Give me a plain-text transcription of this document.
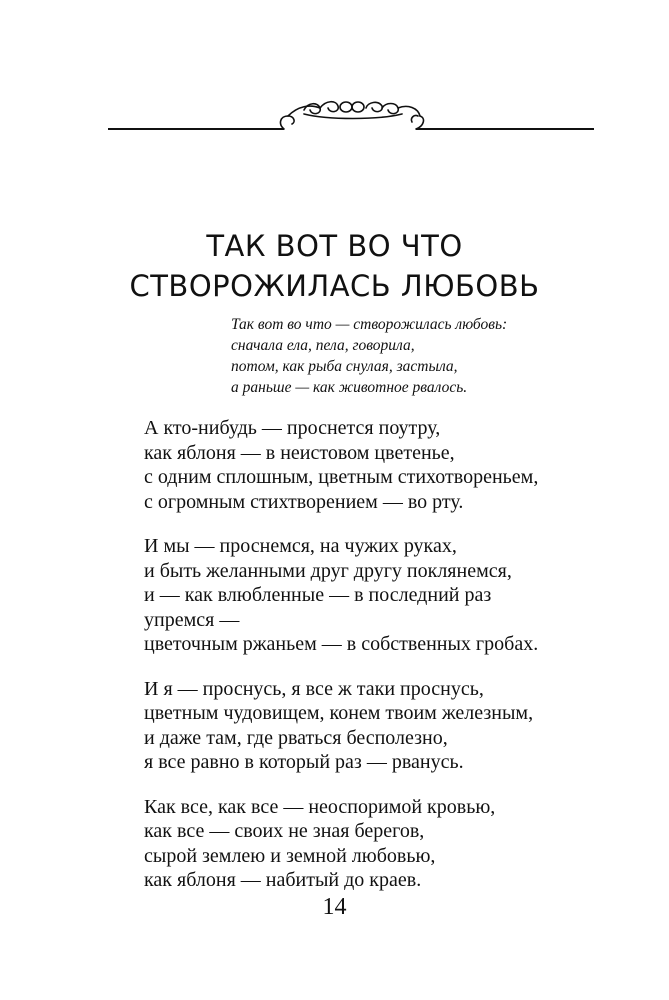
ТАК ВОТ ВО ЧТО
СТВОРОЖИЛАСЬ ЛЮБОВЬ
Так вот во что — створожилась любовь:
сначала ела, пела, говорила,
потом, как рыба снулая, застыла,
а раньше — как животное рвалось.
А кто-нибудь — проснется поутру,
как яблоня — в неистовом цветенье,
с одним сплошным, цветным стихотвореньем,
с огромным стихтворением — во рту.
И мы — проснемся, на чужих руках,
и быть желанными друг другу поклянемся,
и — как влюбленные — в последний раз
упремся —
цветочным ржаньем — в собственных гробах.
И я — проснусь, я все ж таки проснусь,
цветным чудовищем, конем твоим железным,
и даже там, где рваться бесполезно,
я все равно в который раз — рванусь.
Как все, как все — неоспоримой кровью,
как все — своих не зная берегов,
сырой землею и земной любовью,
как яблоня — набитый до краев.
14
